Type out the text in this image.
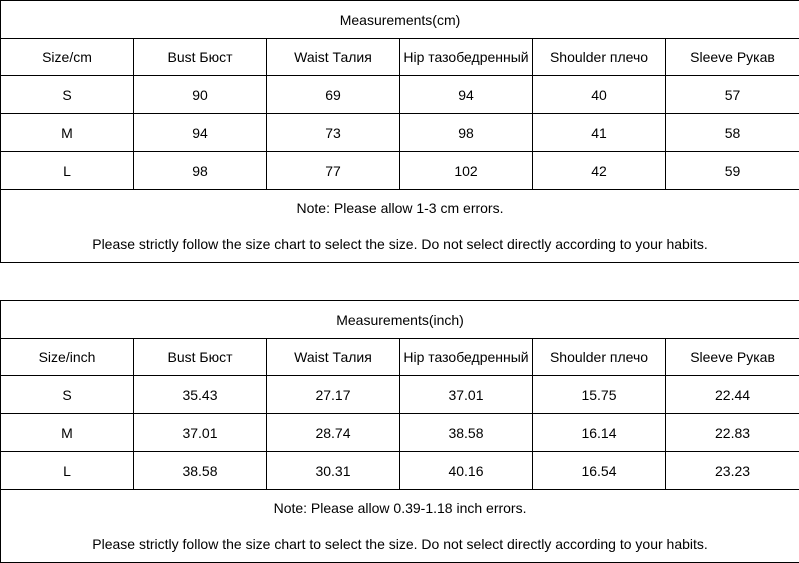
Measurements(cm)					
Size/cm	Bust Бюст	Waist Талия	Hip тазобедренный	Shoulder плечо	Sleeve Рукав
S	90	69	94	40	57
M	94	73	98	41	58
L	98	77	102	42	59
Note: Please allow 1-3 cm errors.					
Please strictly follow the size chart to select the size. Do not select directly according to your habits.					
Measurements(inch)					
Size/inch	Bust Бюст	Waist Талия	Hip тазобедренный	Shoulder плечо	Sleeve Рукав
S	35.43	27.17	37.01	15.75	22.44
M	37.01	28.74	38.58	16.14	22.83
L	38.58	30.31	40.16	16.54	23.23
Note: Please allow 0.39-1.18 inch errors.					
Please strictly follow the size chart to select the size. Do not select directly according to your habits.					
